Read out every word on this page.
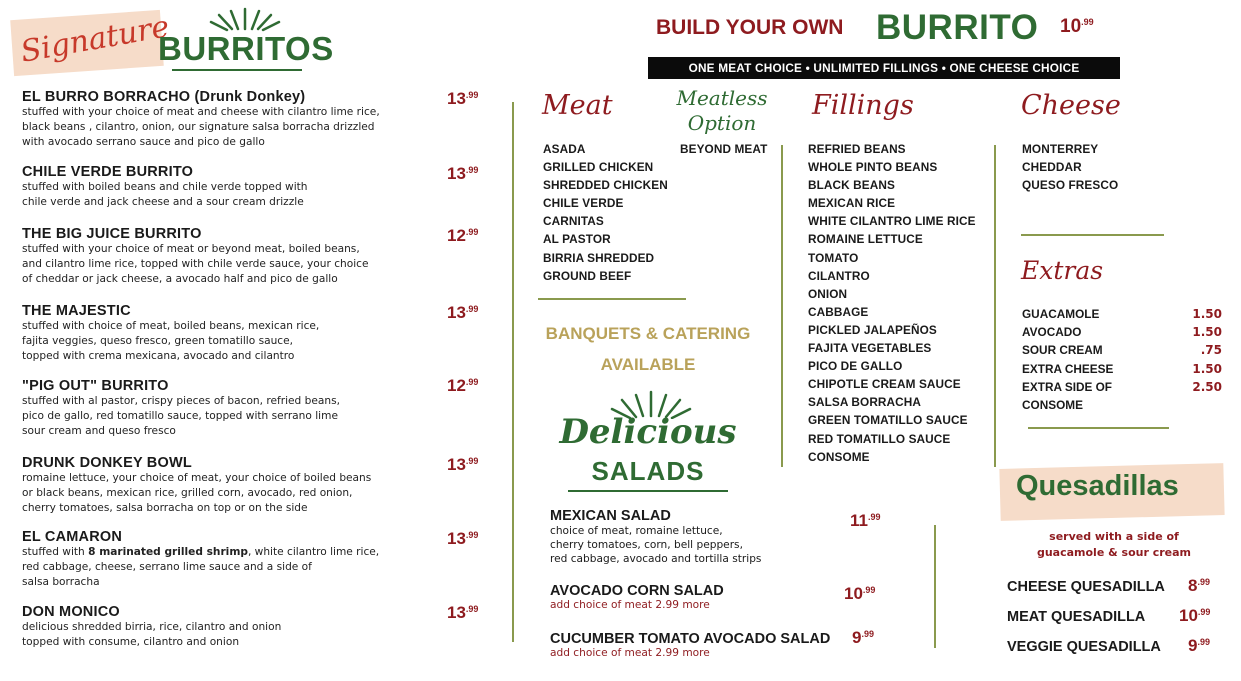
Signature
BURRITOS
EL BURRO BORRACHO (Drunk Donkey)
stuffed with your choice of meat and cheese with cilantro lime rice,
black beans , cilantro, onion, our signature salsa borracha drizzled
with avocado serrano sauce and pico de gallo
$13^{.99}$
CHILE VERDE BURRITO
stuffed with boiled beans and chile verde topped with
chile verde and jack cheese and a sour cream drizzle
$13^{.99}$
THE BIG JUICE BURRITO
stuffed with your choice of meat or beyond meat, boiled beans,
and cilantro lime rice, topped with chile verde sauce, your choice
of cheddar or jack cheese, a avocado half and pico de gallo
$12^{.99}$
THE MAJESTIC
stuffed with choice of meat, boiled beans, mexican rice,
fajita veggies, queso fresco, green tomatillo sauce,
topped with crema mexicana, avocado and cilantro
$13^{.99}$
"PIG OUT" BURRITO
stuffed with al pastor, crispy pieces of bacon, refried beans,
pico de gallo, red tomatillo sauce, topped with serrano lime
sour cream and queso fresco
$12^{.99}$
DRUNK DONKEY BOWL
romaine lettuce, your choice of meat, your choice of boiled beans
or black beans, mexican rice, grilled corn, avocado, red onion,
cherry tomatoes, salsa borracha on top or on the side
$13^{.99}$
EL CAMARON
stuffed with 8 marinated grilled shrimp, white cilantro lime rice,
red cabbage, cheese, serrano lime sauce and a side of
salsa borracha
$13^{.99}$
DON MONICO
delicious shredded birria, rice, cilantro and onion
topped with consume, cilantro and onion
$13^{.99}$
BUILD YOUR OWN BURRITO $10^{.99}$
ONE MEAT CHOICE • UNLIMITED FILLINGS • ONE CHEESE CHOICE
Meat
ASADA
GRILLED CHICKEN
SHREDDED CHICKEN
CHILE VERDE
CARNITAS
AL PASTOR
BIRRIA SHREDDED
GROUND BEEF
Meatless
Option
BEYOND MEAT
Fillings
REFRIED BEANS
WHOLE PINTO BEANS
BLACK BEANS
MEXICAN RICE
WHITE CILANTRO LIME RICE
ROMAINE LETTUCE
TOMATO
CILANTRO
ONION
CABBAGE
PICKLED JALAPEÑOS
FAJITA VEGETABLES
PICO DE GALLO
CHIPOTLE CREAM SAUCE
SALSA BORRACHA
GREEN TOMATILLO SAUCE
RED TOMATILLO SAUCE
CONSOME
Cheese
MONTERREY
CHEDDAR
QUESO FRESCO
Extras
GUACAMOLE	1.50
AVOCADO	1.50
SOUR CREAM	.75
EXTRA CHEESE	1.50
EXTRA SIDE OF CONSOME
2.50
BANQUETS & CATERING
AVAILABLE
Delicious
SALADS
MEXICAN SALAD
choice of meat, romaine lettuce,
cherry tomatoes, corn, bell peppers,
red cabbage, avocado and tortilla strips
$11^{.99}$
AVOCADO CORN SALAD
add choice of meat 2.99 more
$10^{.99}$
CUCUMBER TOMATO AVOCADO SALAD
add choice of meat 2.99 more
$9^{.99}$
Quesadillas
served with a side of
guacamole & sour cream
CHEESE QUESADILLA $8^{.99}$
MEAT QUESADILLA $10^{.99}$
VEGGIE QUESADILLA $9^{.99}$
